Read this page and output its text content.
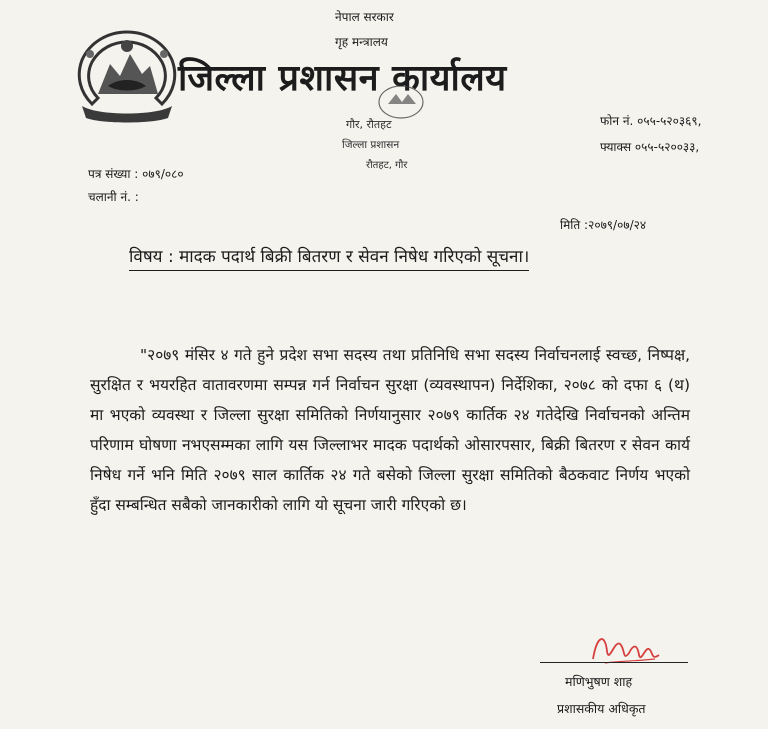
नेपाल सरकार
गृह मन्त्रालय
जिल्ला प्रशासन कार्यालय
फोन नं. ०५५-५२०३६९,
फ्याक्स ०५५-५२००३३,
गौर, रौतहट
जिल्ला प्रशासन
रौतहट, गौर
पत्र संख्या : ०७९/०८०
चलानी नं. :
मिति :२०७९/०७/२४
विषय : मादक पदार्थ बिक्री बितरण र सेवन निषेध गरिएको सूचना।
"२०७९ मंसिर ४ गते हुने प्रदेश सभा सदस्य तथा प्रतिनिधि सभा सदस्य निर्वाचनलाई स्वच्छ, निष्पक्ष, सुरक्षित र भयरहित वातावरणमा सम्पन्न गर्न निर्वाचन सुरक्षा (व्यवस्थापन) निर्देशिका, २०७८ को दफा ६ (थ) मा भएको व्यवस्था र जिल्ला सुरक्षा समितिको निर्णयानुसार २०७९ कार्तिक २४ गतेदेखि निर्वाचनको अन्तिम परिणाम घोषणा नभएसम्मका लागि यस जिल्लाभर मादक पदार्थको ओसारपसार, बिक्री बितरण र सेवन कार्य निषेध गर्ने भनि मिति २०७९ साल कार्तिक २४ गते बसेको जिल्ला सुरक्षा समितिको बैठकवाट निर्णय भएको हुँदा सम्बन्धित सबैको जानकारीको लागि यो सूचना जारी गरिएको छ।
मणिभुषण शाह
प्रशासकीय अधिकृत
